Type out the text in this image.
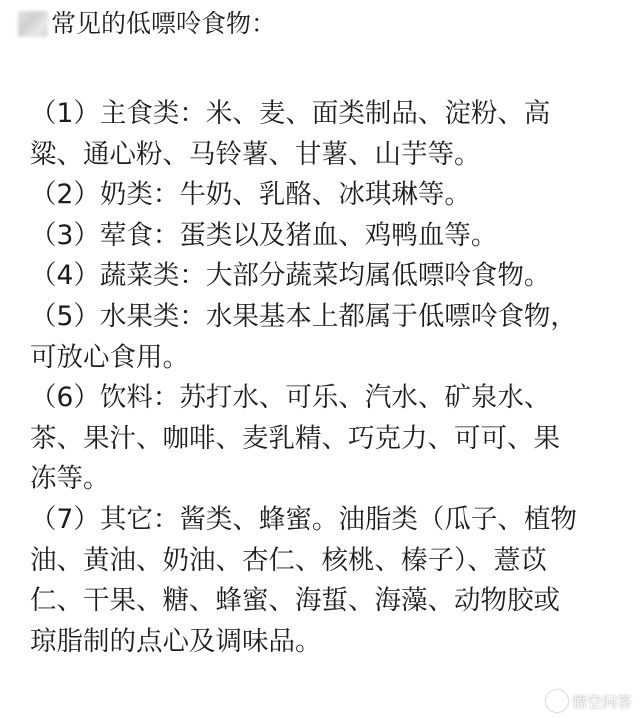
常见的低嘌呤食物：
（1）主食类：米、麦、面类制品、淀粉、高
粱、通心粉、马铃薯、甘薯、山芋等。
（2）奶类：牛奶、乳酪、冰琪琳等。
（3）荤食：蛋类以及猪血、鸡鸭血等。
（4）蔬菜类：大部分蔬菜均属低嘌呤食物。
（5）水果类：水果基本上都属于低嘌呤食物，
可放心食用。
（6）饮料：苏打水、可乐、汽水、矿泉水、
茶、果汁、咖啡、麦乳精、巧克力、可可、果
冻等。
（7）其它：酱类、蜂蜜。油脂类（瓜子、植物
油、黄油、奶油、杏仁、核桃、榛子）、薏苡
仁、干果、糖、蜂蜜、海蜇、海藻、动物胶或
琼脂制的点心及调味品。
悟空问答
